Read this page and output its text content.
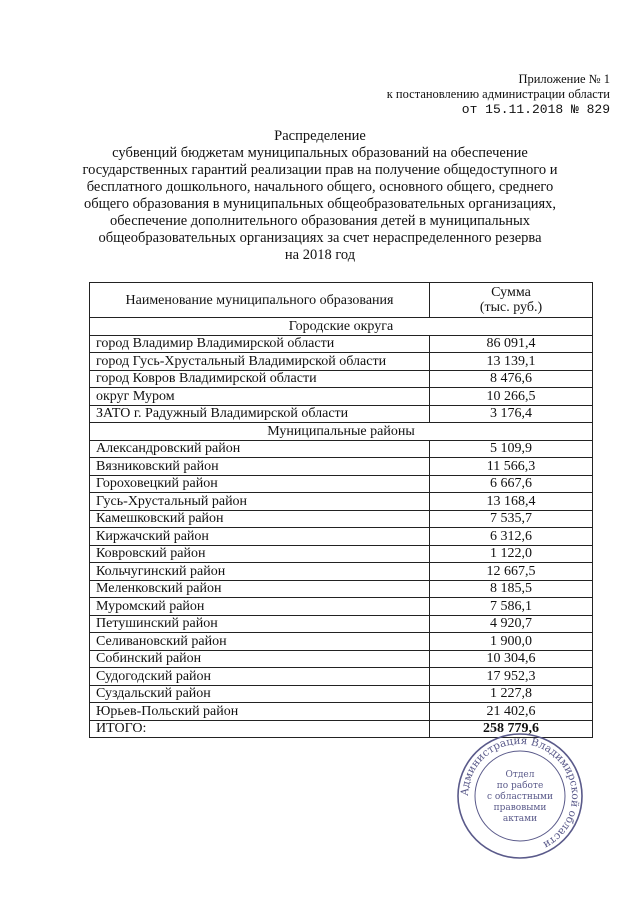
Приложение № 1
к постановлению администрации области
от 15.11.2018 № 829
Распределение
субвенций бюджетам муниципальных образований на обеспечение
государственных гарантий реализации прав на получение общедоступного и
бесплатного дошкольного, начального общего, основного общего, среднего
общего образования в муниципальных общеобразовательных организациях,
обеспечение дополнительного образования детей в муниципальных
общеобразовательных организациях за счет нераспределенного резерва
на 2018 год
Наименование муниципального образования	Сумма
(тыс. руб.)

Городские округа	
город Владимир Владимирской области	86 091,4
город Гусь-Хрустальный Владимирской области	13 139,1
город Ковров Владимирской области	8 476,6
округ Муром	10 266,5
ЗАТО г. Радужный Владимирской области	3 176,4
Муниципальные районы	
Александровский район	5 109,9
Вязниковский район	11 566,3
Гороховецкий район	6 667,6
Гусь-Хрустальный район	13 168,4
Камешковский район	7 535,7
Киржачский район	6 312,6
Ковровский район	1 122,0
Кольчугинский район	12 667,5
Меленковский район	8 185,5
Муромский район	7 586,1
Петушинский район	4 920,7
Селивановский район	1 900,0
Собинский район	10 304,6
Судогодский район	17 952,3
Суздальский район	1 227,8
Юрьев-Польский район	21 402,6
ИТОГО:	258 779,6
Администрация Владимирской области
Отдел
по работе
с областными
правовыми
актами
